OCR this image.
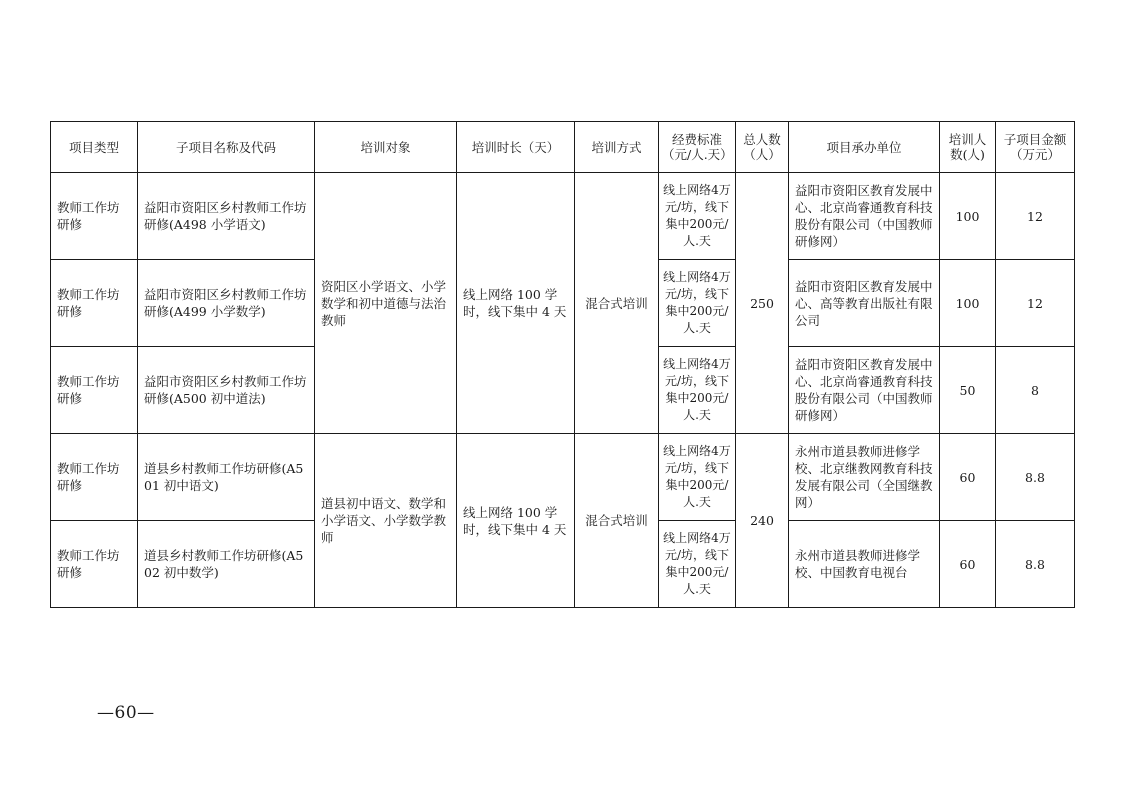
项目类型	子项目名称及代码	培训对象	培训时长（天）	培训方式	经费标准（元/人.天）	总人数（人）	项目承办单位	培训人数(人)	子项目金额（万元）
教师工作坊研修	益阳市资阳区乡村教师工作坊研修(A498 小学语文)	资阳区小学语文、小学数学和初中道德与法治教师	线上网络 100 学时，线下集中 4 天	混合式培训	线上网络4万元/坊，线下集中200元/人.天	250	益阳市资阳区教育发展中心、北京尚睿通教育科技股份有限公司（中国教师研修网）	100	12
教师工作坊研修	益阳市资阳区乡村教师工作坊研修(A499 小学数学)				线上网络4万元/坊，线下集中200元/人.天		益阳市资阳区教育发展中心、高等教育出版社有限公司	100	12
教师工作坊研修	益阳市资阳区乡村教师工作坊研修(A500 初中道法)				线上网络4万元/坊，线下集中200元/人.天		益阳市资阳区教育发展中心、北京尚睿通教育科技股份有限公司（中国教师研修网）	50	8
教师工作坊研修	道县乡村教师工作坊研修(A501 初中语文)	道县初中语文、数学和小学语文、小学数学教师	线上网络 100 学时，线下集中 4 天	混合式培训	线上网络4万元/坊，线下集中200元/人.天	240	永州市道县教师进修学校、北京继教网教育科技发展有限公司（全国继教网）	60	8.8
教师工作坊研修	道县乡村教师工作坊研修(A502 初中数学)				线上网络4万元/坊，线下集中200元/人.天		永州市道县教师进修学校、中国教育电视台	60	8.8
—60—
